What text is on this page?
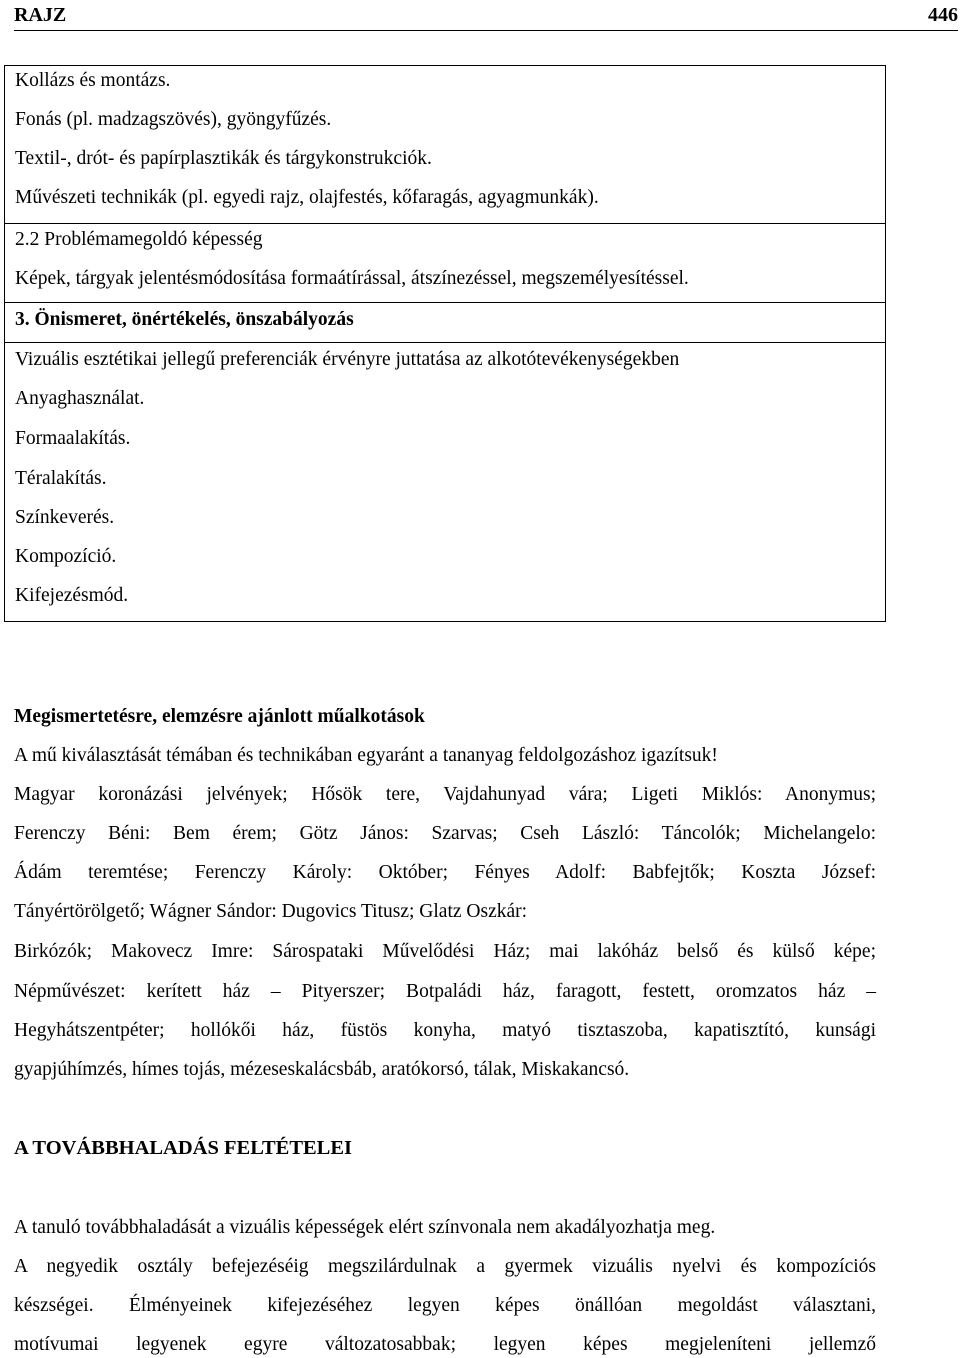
RAJZ	446
Kollázs és montázs.
Fonás (pl. madzagszövés), gyöngyfűzés.
Textil-, drót- és papírplasztikák és tárgykonstrukciók.
Művészeti technikák (pl. egyedi rajz, olajfestés, kőfaragás, agyagmunkák).
2.2 Problémamegoldó képesség
Képek, tárgyak jelentésmódosítása formaátírással, átszínezéssel, megszemélyesítéssel.
3. Önismeret, önértékelés, önszabályozás
Vizuális esztétikai jellegű preferenciák érvényre juttatása az alkotótevékenységekben
Anyaghasználat.
Formaalakítás.
Téralakítás.
Színkeverés.
Kompozíció.
Kifejezésmód.
Megismertetésre, elemzésre ajánlott műalkotások
A mű kiválasztását témában és technikában egyaránt a tananyag feldolgozáshoz igazítsuk!
Magyar koronázási jelvények; Hősök tere, Vajdahunyad vára; Ligeti Miklós: Anonymus;
Ferenczy Béni: Bem érem; Götz János: Szarvas; Cseh László: Táncolók; Michelangelo:
Ádám teremtése; Ferenczy Károly: Október; Fényes Adolf: Babfejtők; Koszta József:
Tányértörölgető; Wágner Sándor: Dugovics Titusz; Glatz Oszkár:
Birkózók; Makovecz Imre: Sárospataki Művelődési Ház; mai lakóház belső és külső képe;
Népművészet: kerített ház – Pityerszer; Botpaládi ház, faragott, festett, oromzatos ház –
Hegyhátszentpéter; hollókői ház, füstös konyha, matyó tisztaszoba, kapatisztító, kunsági
gyapjúhímzés, hímes tojás, mézeseskalácsbáb, aratókorsó, tálak, Miskakancsó.
A TOVÁBBHALADÁS FELTÉTELEI
A tanuló továbbhaladását a vizuális képességek elért színvonala nem akadályozhatja meg.
A negyedik osztály befejezéséig megszilárdulnak a gyermek vizuális nyelvi és kompozíciós
készségei. Élményeinek kifejezéséhez legyen képes önállóan megoldást választani,
motívumai legyenek egyre változatosabbak; legyen képes megjeleníteni jellemző
